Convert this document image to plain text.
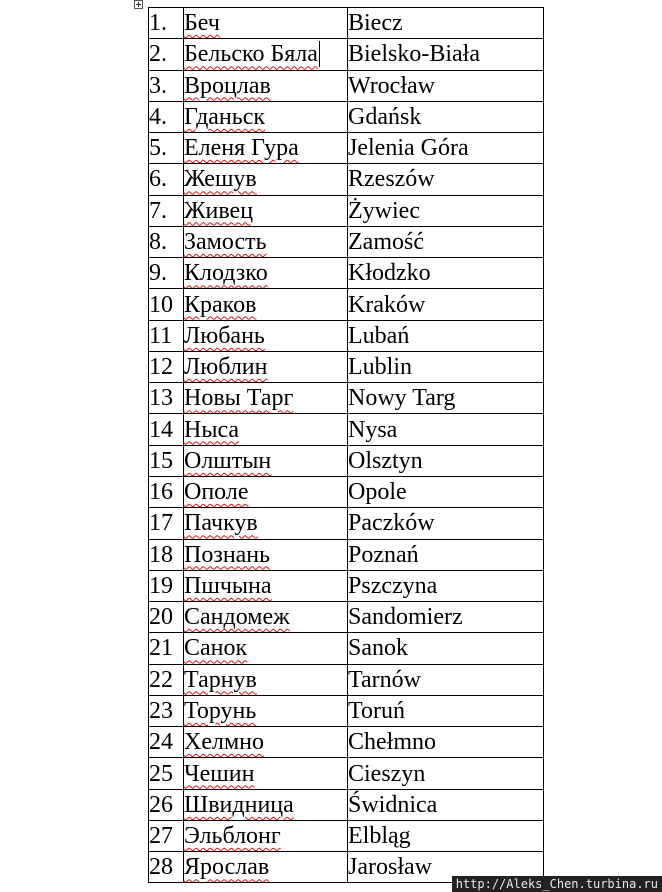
1.	Беч	Biecz
2.	Бельско Бяла	Bielsko-Biała
3.	Вроцлав	Wrocław
4.	Гданьск	Gdańsk
5.	Еленя Гура	Jelenia Góra
6.	Жешув	Rzeszów
7.	Живец	Żywiec
8.	Замость	Zamość
9.	Клодзко	Kłodzko
10	Краков	Kraków
11	Любань	Lubań
12	Люблин	Lublin
13	Новы Тарг	Nowy Targ
14	Ныса	Nysa
15	Олштын	Olsztyn
16	Ополе	Opole
17	Пачкув	Paczków
18	Познань	Poznań
19	Пшчына	Pszczyna
20	Сандомеж	Sandomierz
21	Санок	Sanok
22	Тарнув	Tarnów
23	Торунь	Toruń
24	Хелмно	Chełmno
25	Чешин	Cieszyn
26	Швидница	Świdnica
27	Эльблонг	Elbląg
28	Ярослав	Jarosław
http://Aleks_Chen.turbina.ru
